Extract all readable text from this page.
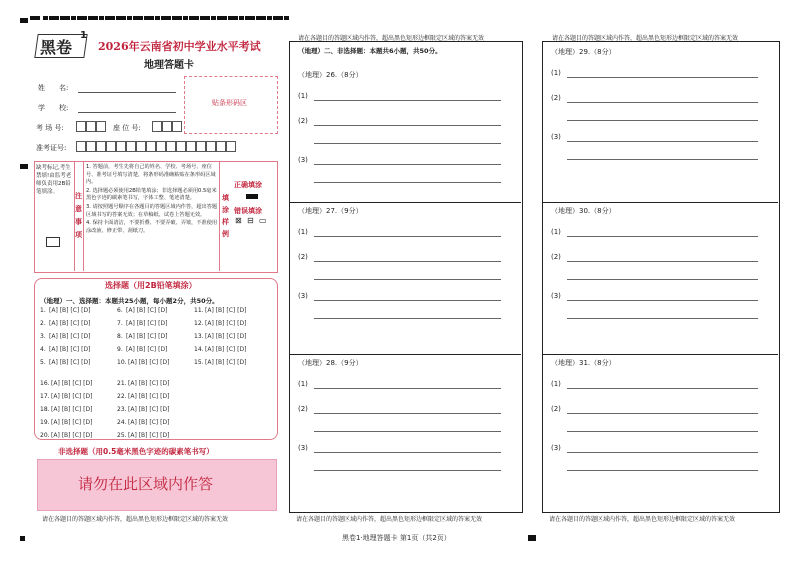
黑卷
1
2026年云南省初中学业水平考试
地理答题卡
姓　　名:
学　　校:
考 场 号:	座 位 号:
准考证号:
贴条形码区
缺考标记,考生禁填!由监考老师负责用2B铅笔填涂。	注意事项
1. 答题前，考生先将自己的姓名、学校、考场号、座位号、准考证号填写清楚，将条形码准确粘贴在条形码区域内。
2. 选择题必须使用2B铅笔填涂；非选择题必须用0.5毫米黑色字迹的碳素笔书写，字体工整、笔迹清楚。
3. 请按照题号顺序在各题目的答题区域内作答，超出答题区域书写的答案无效；在草稿纸、试卷上答题无效。
4. 保持卡面清洁，不要折叠、不要弄破、弄皱，不准使用涂改液、修正带、刮纸刀。
填涂样例
正确填涂
错误填涂
⊠ ⊟ ▭
选择题（用2B铅笔填涂）
（地理）一、选择题：本题共25小题，每小题2分，共50分。
1. [A] [B] [C] [D]
2. [A] [B] [C] [D]
3. [A] [B] [C] [D]
4. [A] [B] [C] [D]
5. [A] [B] [C] [D]
6. [A] [B] [C] [D]
7. [A] [B] [C] [D]
8. [A] [B] [C] [D]
9. [A] [B] [C] [D]
10. [A] [B] [C] [D]
11. [A] [B] [C] [D]
12. [A] [B] [C] [D]
13. [A] [B] [C] [D]
14. [A] [B] [C] [D]
15. [A] [B] [C] [D]
16. [A] [B] [C] [D]
17. [A] [B] [C] [D]
18. [A] [B] [C] [D]
19. [A] [B] [C] [D]
20. [A] [B] [C] [D]
21. [A] [B] [C] [D]
22. [A] [B] [C] [D]
23. [A] [B] [C] [D]
24. [A] [B] [C] [D]
25. [A] [B] [C] [D]
非选择题（用0.5毫米黑色字迹的碳素笔书写）
请勿在此区域内作答
请在各题目的答题区域内作答，超出黑色矩形边框限定区域的答案无效
请在各题目的答题区域内作答，超出黑色矩形边框限定区域的答案无效
（地理）二、非选择题：本题共6小题，共50分。
（地理）26.（8分）
(1)
(2)
(3)
（地理）27.（9分）
(1)
(2)
(3)
（地理）28.（9分）
(1)
(2)
(3)
请在各题目的答题区域内作答，超出黑色矩形边框限定区域的答案无效
请在各题目的答题区域内作答，超出黑色矩形边框限定区域的答案无效
（地理）29.（8分）
(1)
(2)
(3)
（地理）30.（8分）
(1)
(2)
(3)
（地理）31.（8分）
(1)
(2)
(3)
请在各题目的答题区域内作答，超出黑色矩形边框限定区域的答案无效
黑卷1·地理答题卡 第1页（共2页）
